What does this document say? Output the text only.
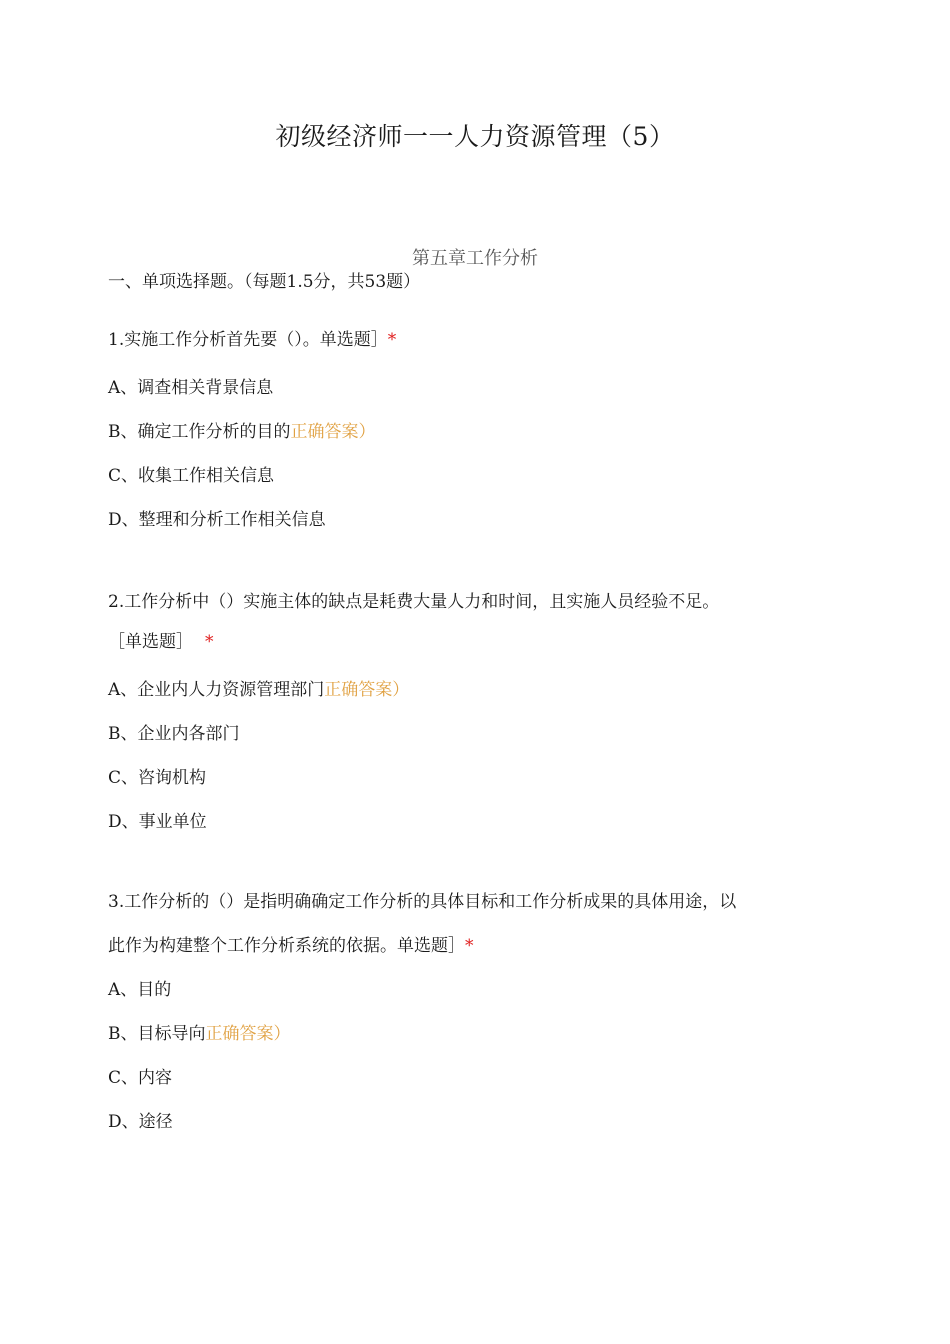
初级经济师一一人力资源管理（5）
第五章工作分析
一、单项选择题。（每题1.5分，共53题）
1.实施工作分析首先要（）。单选题］*
A、调查相关背景信息
B、确定工作分析的目的正确答案）
C、收集工作相关信息
D、整理和分析工作相关信息
2.工作分析中（）实施主体的缺点是耗费大量人力和时间，且实施人员经验不足。
［单选题］ *
A、企业内人力资源管理部门正确答案）
B、企业内各部门
C、咨询机构
D、事业单位
3.工作分析的（）是指明确确定工作分析的具体目标和工作分析成果的具体用途，以
此作为构建整个工作分析系统的依据。单选题］*
A、目的
B、目标导向正确答案）
C、内容
D、途径
